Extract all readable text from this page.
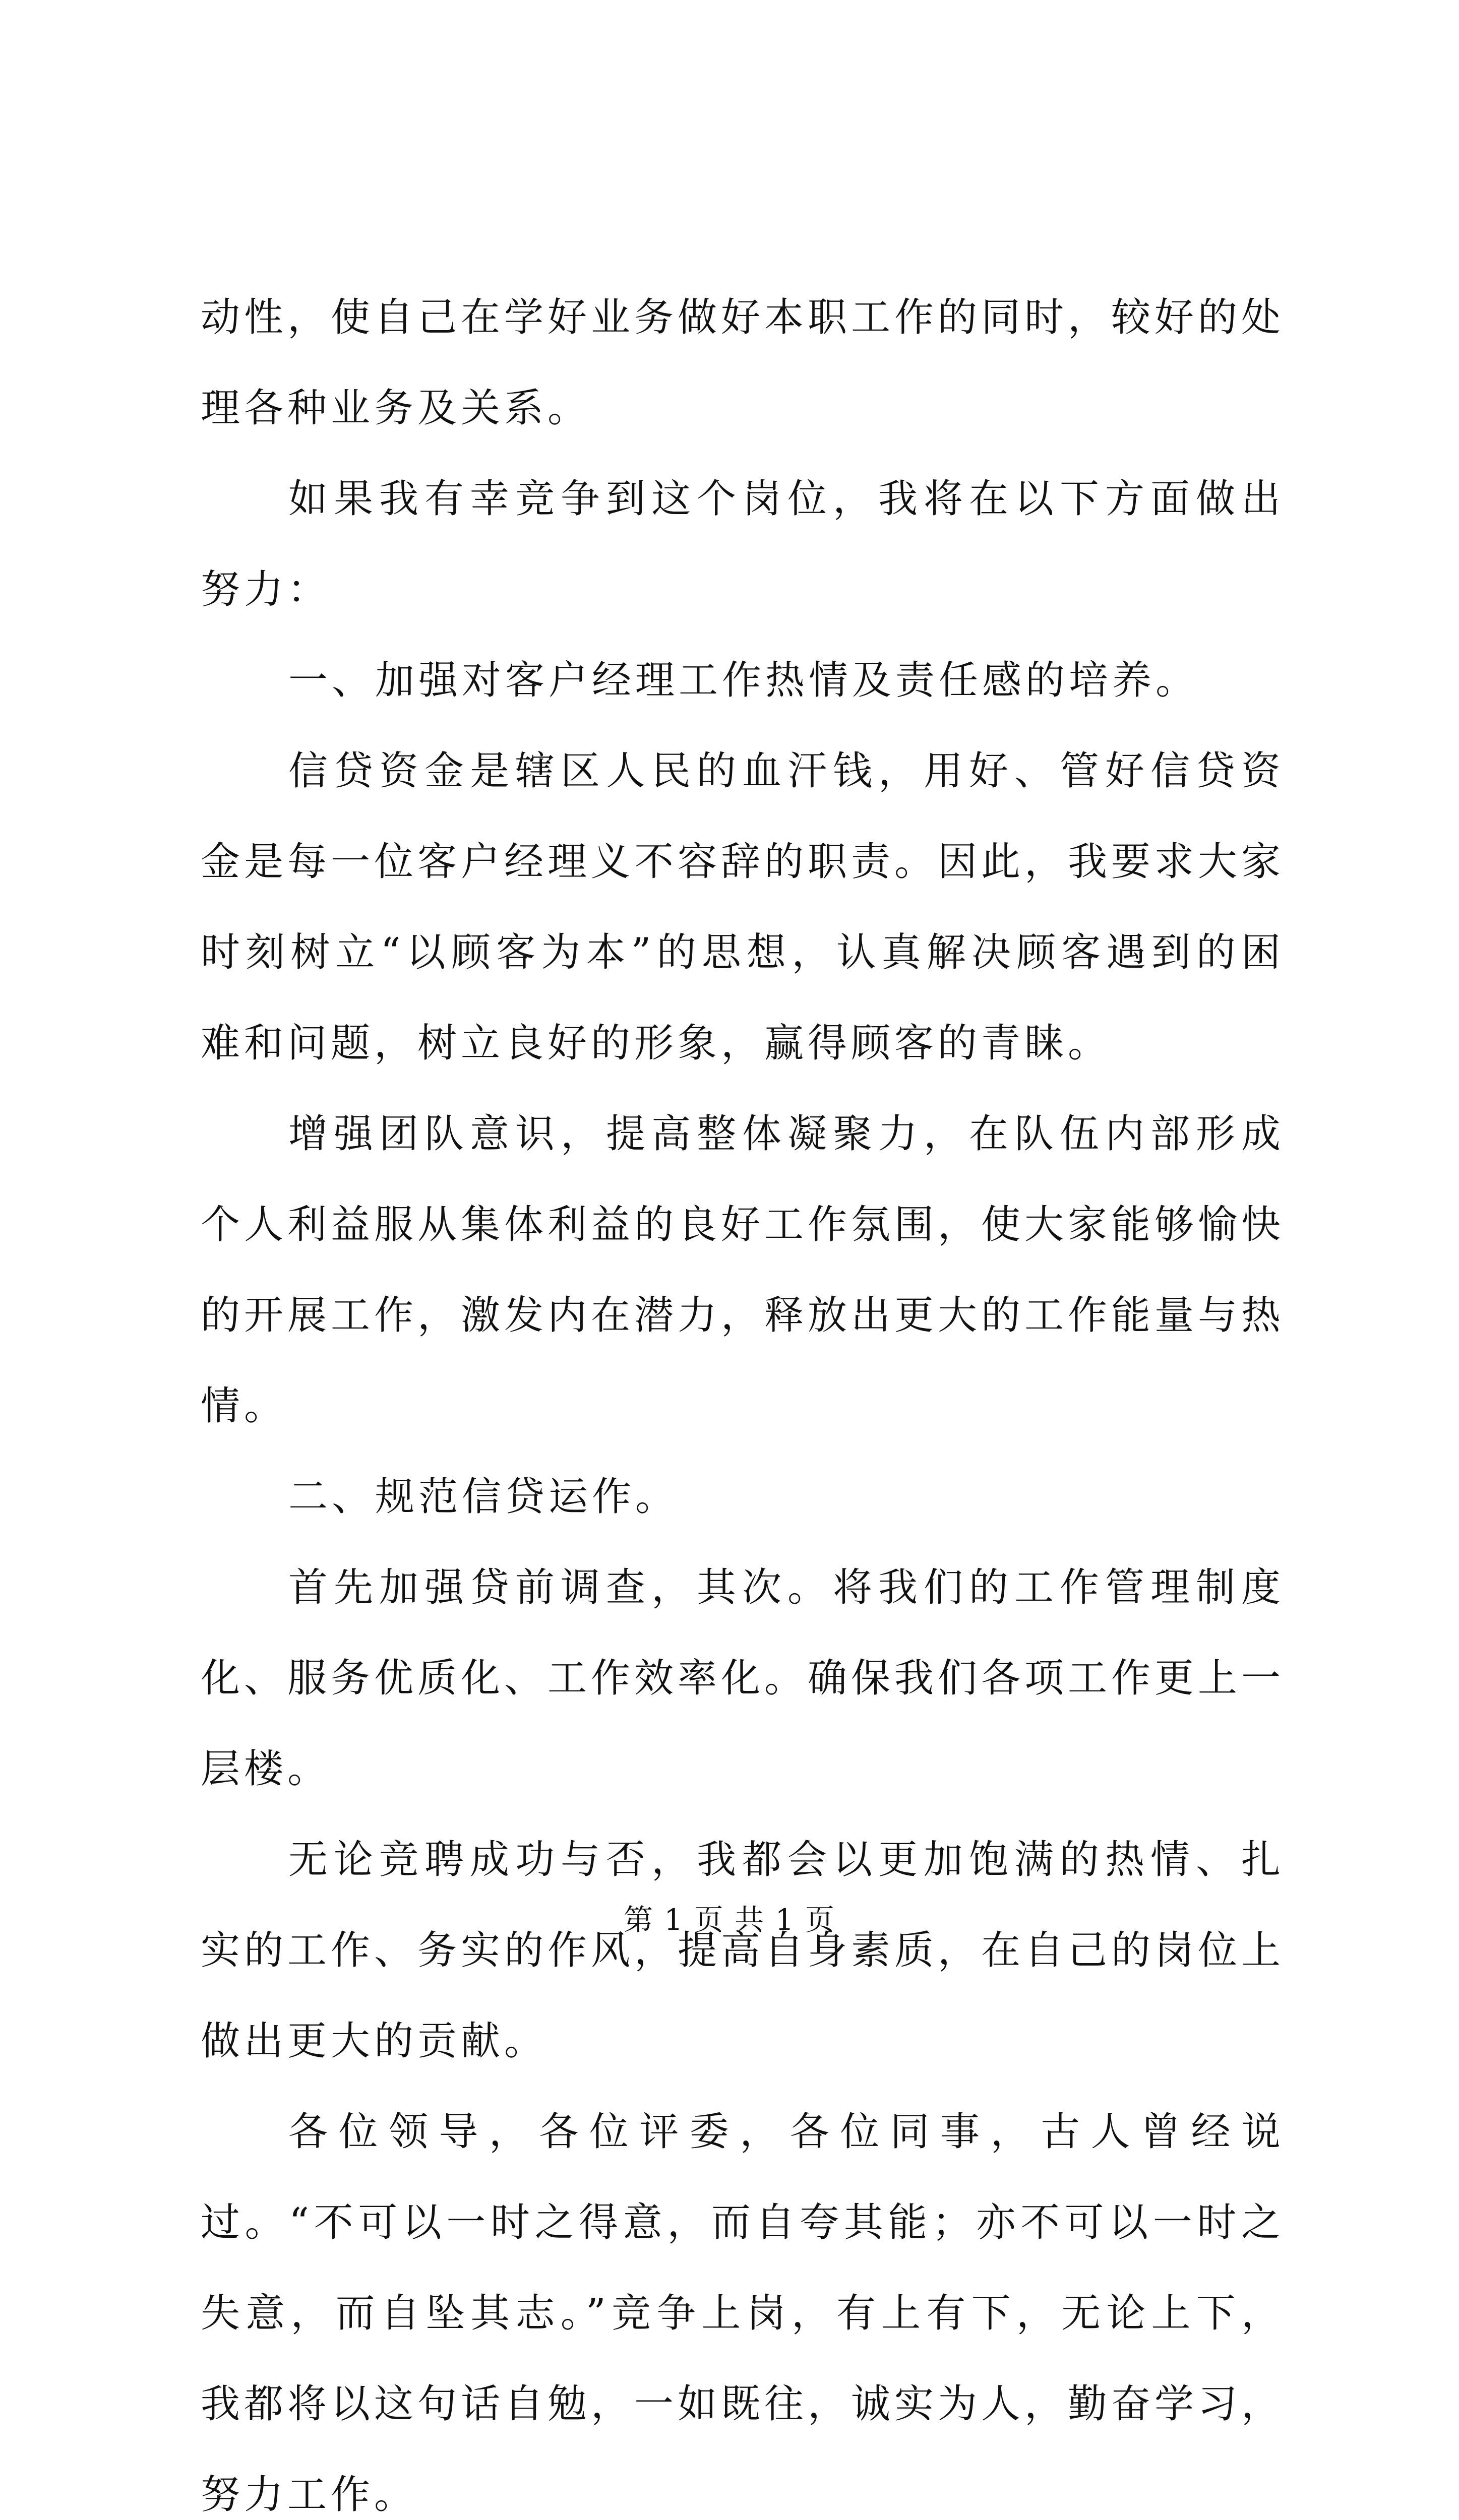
动性，使自己在学好业务做好本职工作的同时，较好的处理各种业务及关系。

如果我有幸竞争到这个岗位，我将在以下方面做出努力：

一、加强对客户经理工作热情及责任感的培养。

信贷资金是辖区人民的血汗钱，用好、管好信贷资金是每一位客户经理义不容辞的职责。因此，我要求大家时刻树立“以顾客为本”的思想，认真解决顾客遇到的困难和问题，树立良好的形象，赢得顾客的青睐。

增强团队意识，提高整体凝聚力，在队伍内部形成个人利益服从集体利益的良好工作氛围，使大家能够愉快的开展工作，激发内在潜力，释放出更大的工作能量与热情。

二、规范信贷运作。

首先加强贷前调查，其次。将我们的工作管理制度化、服务优质化、工作效率化。确保我们各项工作更上一层楼。

无论竞聘成功与否，我都会以更加饱满的热情、扎实的工作、务实的作风，提高自身素质，在自己的岗位上做出更大的贡献。

各位领导，各位评委，各位同事，古人曾经说过。“不可以一时之得意，而自夸其能；亦不可以一时之失意，而自坠其志。”竞争上岗，有上有下，无论上下，我都将以这句话自勉，一如既往，诚实为人，勤奋学习，努力工作。

第 1 页 共 1 页
